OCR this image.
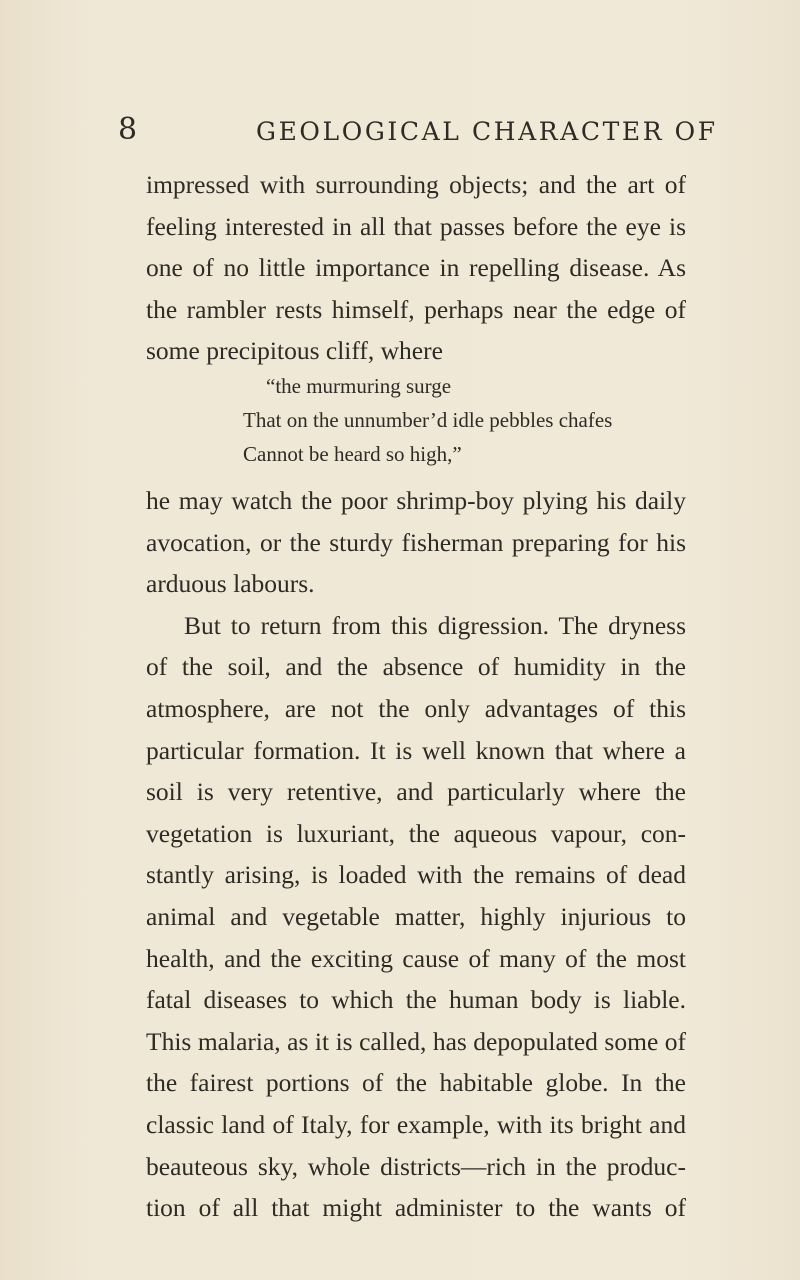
8	GEOLOGICAL CHARACTER OF
impressed with surrounding objects; and the art of
feeling interested in all that passes before the eye is
one of no little importance in repelling disease. As
the rambler rests himself, perhaps near the edge of
some precipitous cliff, where
“the murmuring surge
That on the unnumber’d idle pebbles chafes
Cannot be heard so high,”
he may watch the poor shrimp-boy plying his daily
avocation, or the sturdy fisherman preparing for his
arduous labours.
But to return from this digression. The dryness
of the soil, and the absence of humidity in the
atmosphere, are not the only advantages of this
particular formation. It is well known that where a
soil is very retentive, and particularly where the
vegetation is luxuriant, the aqueous vapour, con-
stantly arising, is loaded with the remains of dead
animal and vegetable matter, highly injurious to
health, and the exciting cause of many of the most
fatal diseases to which the human body is liable.
This malaria, as it is called, has depopulated some of
the fairest portions of the habitable globe. In the
classic land of Italy, for example, with its bright and
beauteous sky, whole districts—rich in the produc-
tion of all that might administer to the wants of
